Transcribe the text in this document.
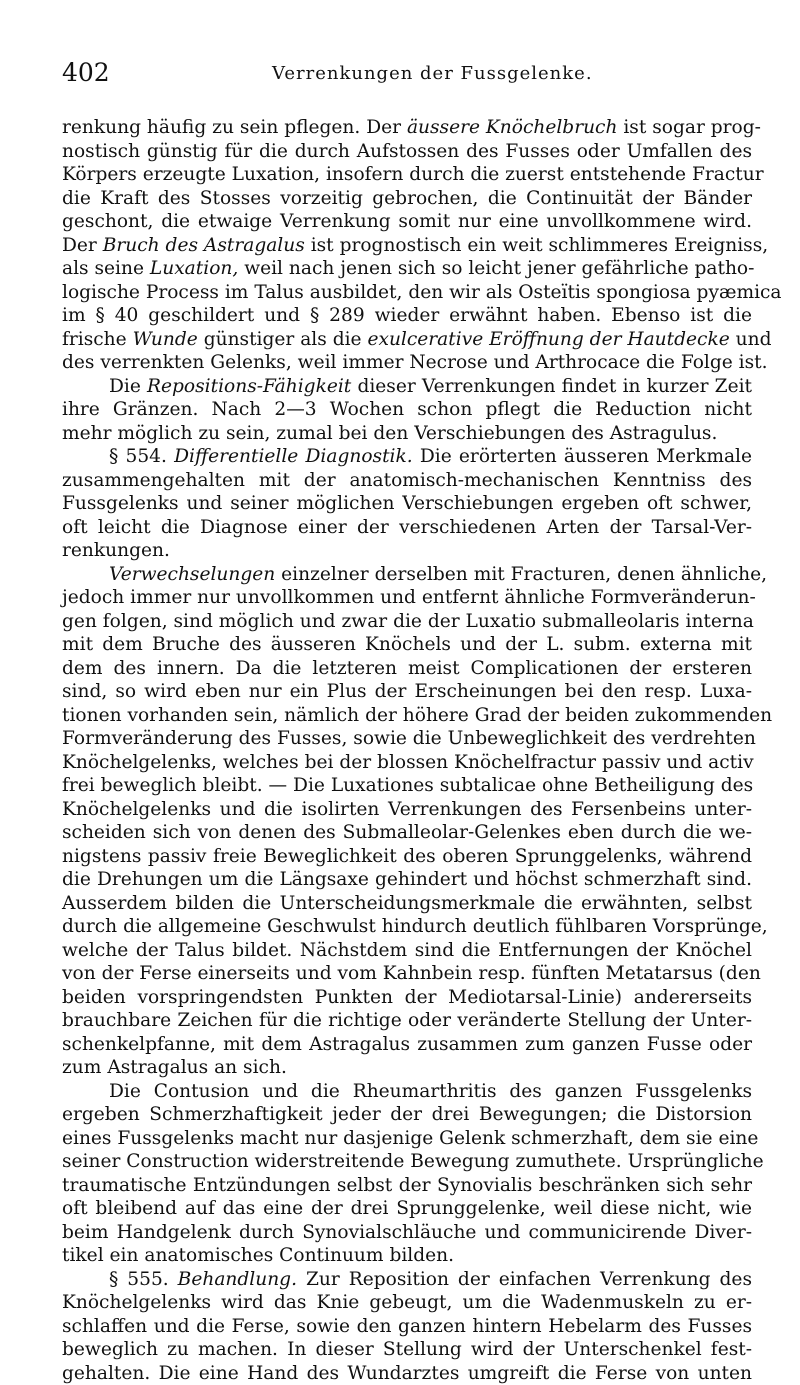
402	Verrenkungen der Fussgelenke.
renkung häufig zu sein pflegen. Der äussere Knöchelbruch ist sogar prog-
nostisch günstig für die durch Aufstossen des Fusses oder Umfallen des
Körpers erzeugte Luxation, insofern durch die zuerst entstehende Fractur
die Kraft des Stosses vorzeitig gebrochen, die Continuität der Bänder
geschont, die etwaige Verrenkung somit nur eine unvollkommene wird.
Der Bruch des Astragalus ist prognostisch ein weit schlimmeres Ereigniss,
als seine Luxation, weil nach jenen sich so leicht jener gefährliche patho-
logische Process im Talus ausbildet, den wir als Osteïtis spongiosa pyæmica
im § 40 geschildert und § 289 wieder erwähnt haben. Ebenso ist die
frische Wunde günstiger als die exulcerative Eröffnung der Hautdecke und
des verrenkten Gelenks, weil immer Necrose und Arthrocace die Folge ist.
Die Repositions-Fähigkeit dieser Verrenkungen findet in kurzer Zeit
ihre Gränzen. Nach 2—3 Wochen schon pflegt die Reduction nicht
mehr möglich zu sein, zumal bei den Verschiebungen des Astragulus.
§ 554. Differentielle Diagnostik. Die erörterten äusseren Merkmale
zusammengehalten mit der anatomisch-mechanischen Kenntniss des
Fussgelenks und seiner möglichen Verschiebungen ergeben oft schwer,
oft leicht die Diagnose einer der verschiedenen Arten der Tarsal-Ver-
renkungen.
Verwechselungen einzelner derselben mit Fracturen, denen ähnliche,
jedoch immer nur unvollkommen und entfernt ähnliche Formveränderun-
gen folgen, sind möglich und zwar die der Luxatio submalleolaris interna
mit dem Bruche des äusseren Knöchels und der L. subm. externa mit
dem des innern. Da die letzteren meist Complicationen der ersteren
sind, so wird eben nur ein Plus der Erscheinungen bei den resp. Luxa-
tionen vorhanden sein, nämlich der höhere Grad der beiden zukommenden
Formveränderung des Fusses, sowie die Unbeweglichkeit des verdrehten
Knöchelgelenks, welches bei der blossen Knöchelfractur passiv und activ
frei beweglich bleibt. — Die Luxationes subtalicae ohne Betheiligung des
Knöchelgelenks und die isolirten Verrenkungen des Fersenbeins unter-
scheiden sich von denen des Submalleolar-Gelenkes eben durch die we-
nigstens passiv freie Beweglichkeit des oberen Sprunggelenks, während
die Drehungen um die Längsaxe gehindert und höchst schmerzhaft sind.
Ausserdem bilden die Unterscheidungsmerkmale die erwähnten, selbst
durch die allgemeine Geschwulst hindurch deutlich fühlbaren Vorsprünge,
welche der Talus bildet. Nächstdem sind die Entfernungen der Knöchel
von der Ferse einerseits und vom Kahnbein resp. fünften Metatarsus (den
beiden vorspringendsten Punkten der Mediotarsal-Linie) andererseits
brauchbare Zeichen für die richtige oder veränderte Stellung der Unter-
schenkelpfanne, mit dem Astragalus zusammen zum ganzen Fusse oder
zum Astragalus an sich.
Die Contusion und die Rheumarthritis des ganzen Fussgelenks
ergeben Schmerzhaftigkeit jeder der drei Bewegungen; die Distorsion
eines Fussgelenks macht nur dasjenige Gelenk schmerzhaft, dem sie eine
seiner Construction widerstreitende Bewegung zumuthete. Ursprüngliche
traumatische Entzündungen selbst der Synovialis beschränken sich sehr
oft bleibend auf das eine der drei Sprunggelenke, weil diese nicht, wie
beim Handgelenk durch Synovialschläuche und communicirende Diver-
tikel ein anatomisches Continuum bilden.
§ 555. Behandlung. Zur Reposition der einfachen Verrenkung des
Knöchelgelenks wird das Knie gebeugt, um die Wadenmuskeln zu er-
schlaffen und die Ferse, sowie den ganzen hintern Hebelarm des Fusses
beweglich zu machen. In dieser Stellung wird der Unterschenkel fest-
gehalten. Die eine Hand des Wundarztes umgreift die Ferse von unten
